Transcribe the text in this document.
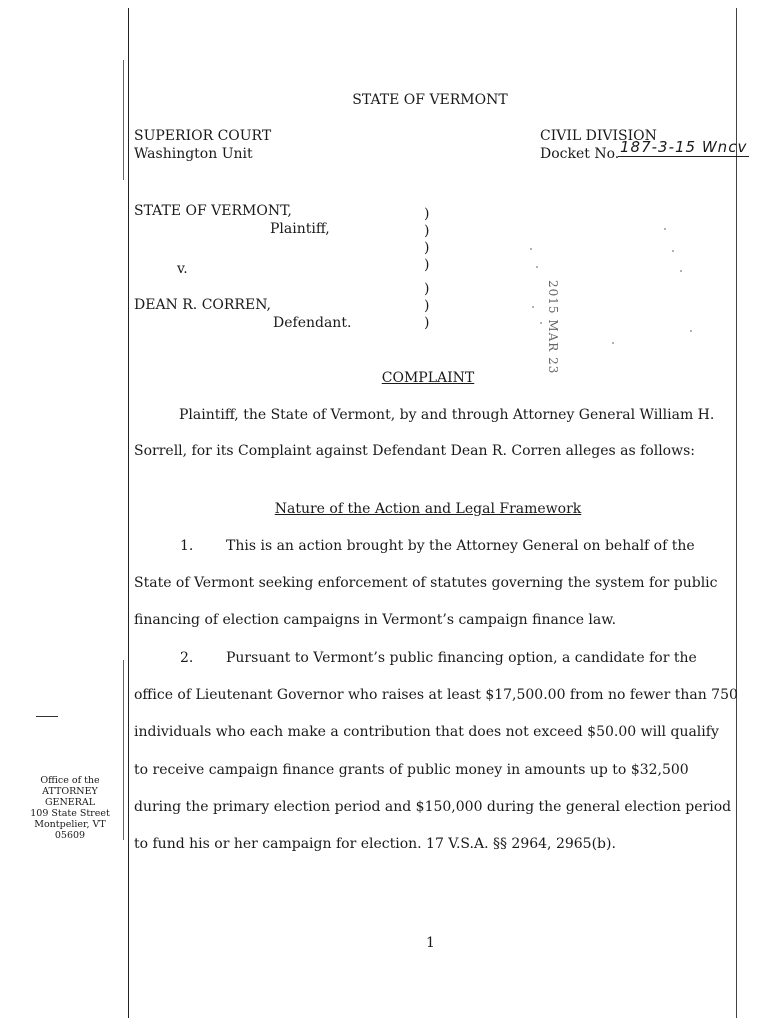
STATE OF VERMONT
SUPERIOR COURT
Washington Unit
CIVIL DIVISION
Docket No. 187-3-15 Wncv
STATE OF VERMONT,
Plaintiff,
v.
DEAN R. CORREN,
Defendant.
)
)
)
)
)
)
)	2015 MAR 23
COMPLAINT
Plaintiff, the State of Vermont, by and through Attorney General William H.
Sorrell, for its Complaint against Defendant Dean R. Corren alleges as follows:
Nature of the Action and Legal Framework
1. This is an action brought by the Attorney General on behalf of the
State of Vermont seeking enforcement of statutes governing the system for public
financing of election campaigns in Vermont’s campaign finance law.
2. Pursuant to Vermont’s public financing option, a candidate for the
office of Lieutenant Governor who raises at least $17,500.00 from no fewer than 750
individuals who each make a contribution that does not exceed $50.00 will qualify
to receive campaign finance grants of public money in amounts up to $32,500
during the primary election period and $150,000 during the general election period
to fund his or her campaign for election. 17 V.S.A. §§ 2964, 2965(b).
1
Office of the
ATTORNEY
GENERAL
109 State Street
Montpelier, VT
05609
